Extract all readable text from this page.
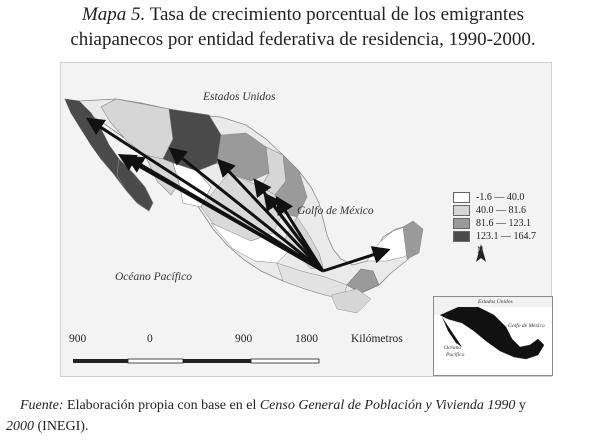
Mapa 5. Tasa de crecimiento porcentual de los emigrantes
chiapanecos por entidad federativa de residencia, 1990-2000.
Estados Unidos
Golfo de México
Océano Pacífico
N
900	0	900	1800	Kilómetros
-1.6 — 40.0
40.0 — 81.6
81.6 — 123.1
123.1 — 164.7
Estados Unidos
Golfo de México
Océano
Pacífico
Fuente: Elaboración propia con base en el Censo General de Población y Vivienda 1990 y
2000 (INEGI).
